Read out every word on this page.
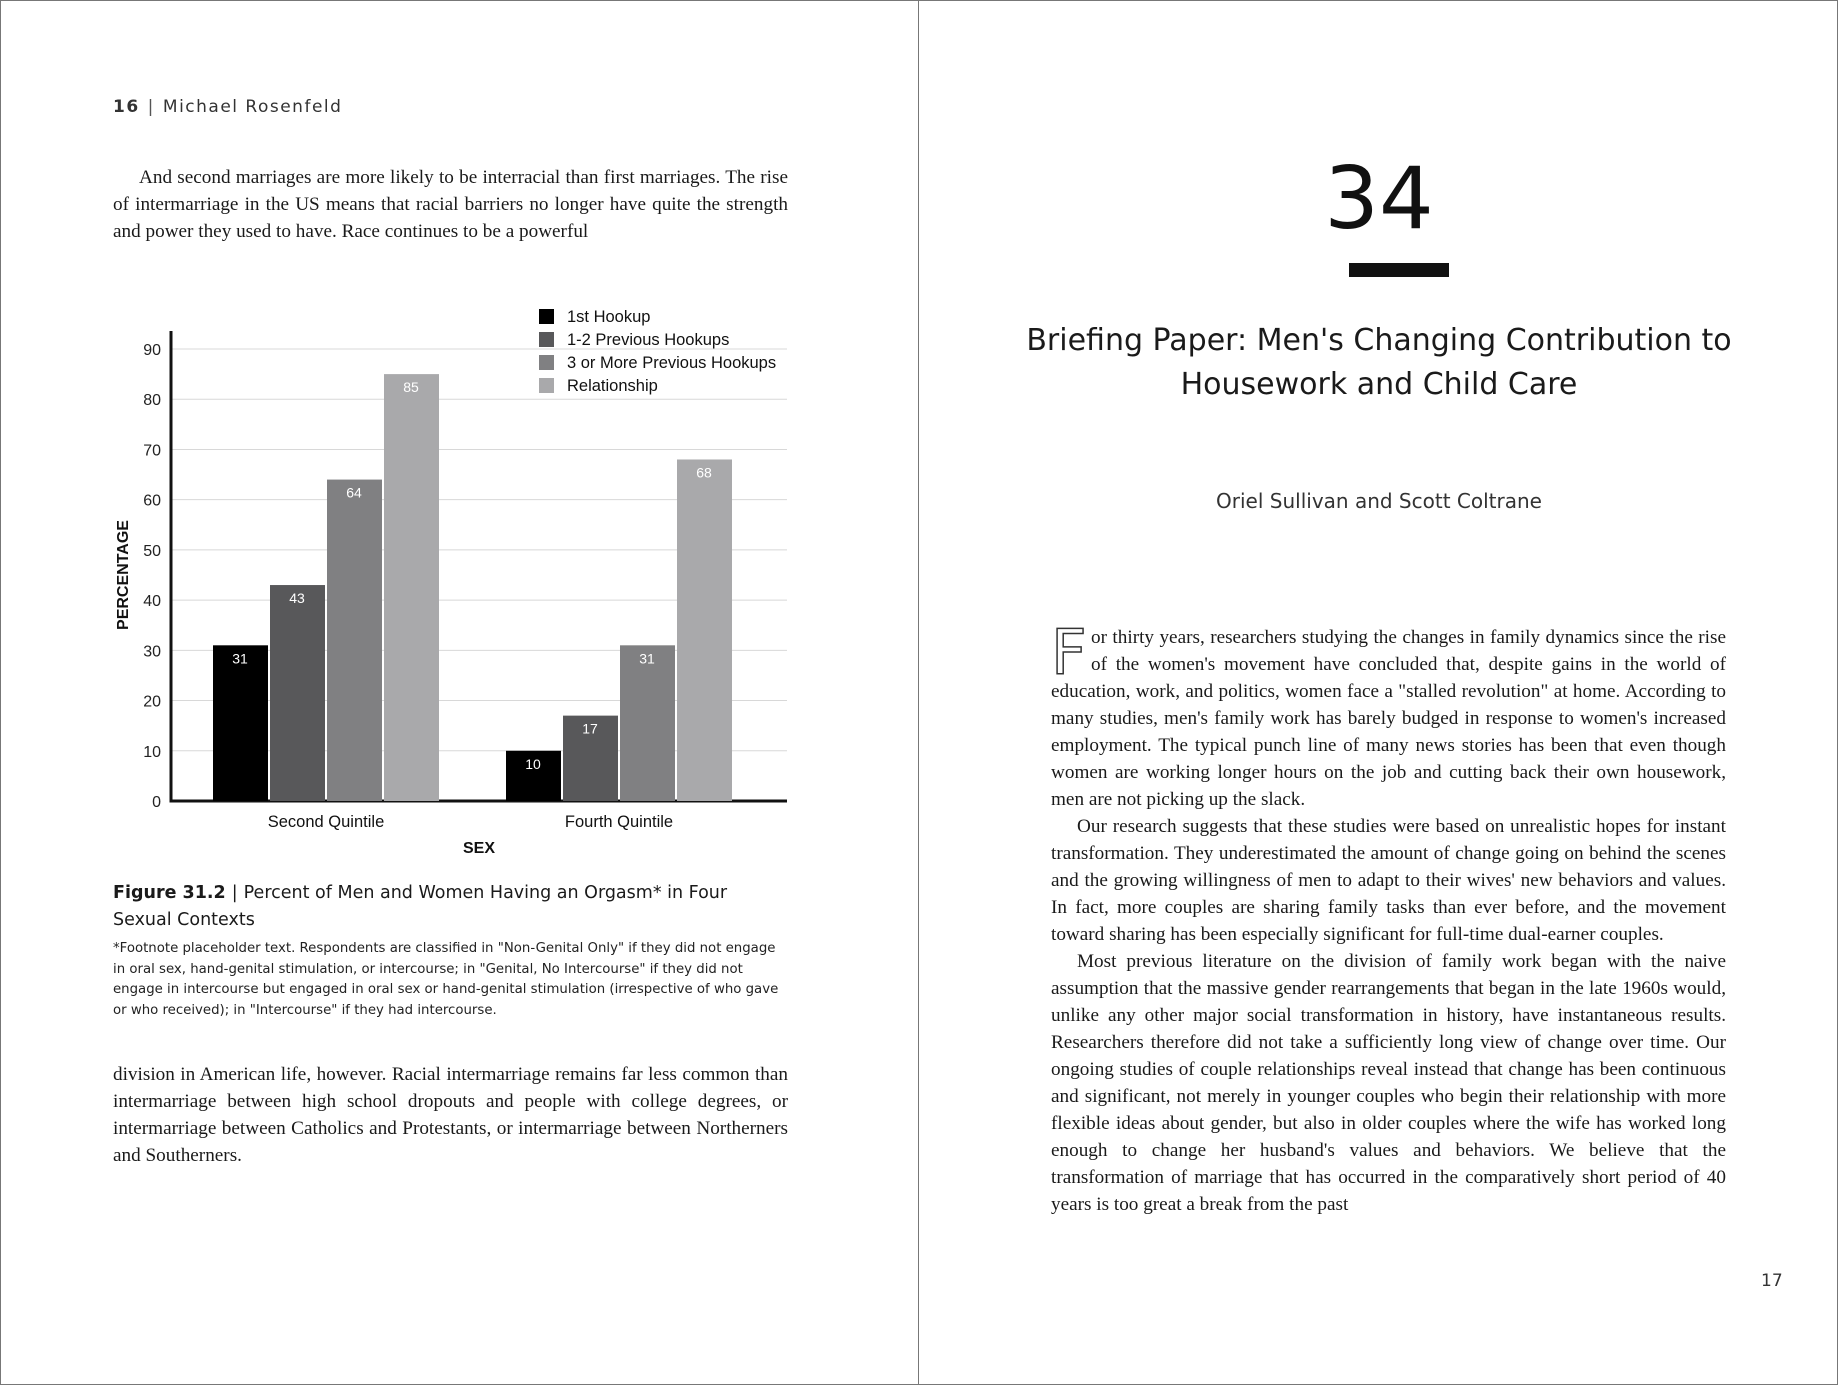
16 | Michael Rosenfeld

And second marriages are more likely to be interracial than first marriages. The rise of intermarriage in the US means that racial barriers no longer have quite the strength and power they used to have. Race continues to be a powerful

0
10
20
30
40
50
60
70
80
90
31
43
64
85
Second Quintile
10
17
31
68
Fourth Quintile
SEX
PERCENTAGE
1st Hookup
1-2 Previous Hookups
3 or More Previous Hookups
Relationship
Figure 31.2 | Percent of Men and Women Having an Orgasm* in Four Sexual Contexts
*Footnote placeholder text. Respondents are classified in "Non-Genital Only" if they did not engage in oral sex, hand-genital stimulation, or intercourse; in "Genital, No Intercourse" if they did not engage in intercourse but engaged in oral sex or hand-genital stimulation (irrespective of who gave or who received); in "Intercourse" if they had intercourse.

division in American life, however. Racial intermarriage remains far less common than intermarriage between high school dropouts and people with college degrees, or intermarriage between Catholics and Protestants, or intermarriage between Northerners and Southerners.

34
Briefing Paper: Men's Changing Contribution to Housework and Child Care
Oriel Sullivan and Scott Coltrane

For thirty years, researchers studying the changes in family dynamics since the rise of the women's movement have concluded that, despite gains in the world of education, work, and politics, women face a "stalled revolution" at home. According to many studies, men's family work has barely budged in response to women's increased employment. The typical punch line of many news stories has been that even though women are working longer hours on the job and cutting back their own housework, men are not picking up the slack.

Our research suggests that these studies were based on unrealistic hopes for instant transformation. They underestimated the amount of change going on behind the scenes and the growing willingness of men to adapt to their wives' new behaviors and values. In fact, more couples are sharing family tasks than ever before, and the movement toward sharing has been especially significant for full-time dual-earner couples.

Most previous literature on the division of family work began with the naive assumption that the massive gender rearrangements that began in the late 1960s would, unlike any other major social transformation in history, have instantaneous results. Researchers therefore did not take a sufficiently long view of change over time. Our ongoing studies of couple relationships reveal instead that change has been continuous and significant, not merely in younger couples who begin their relationship with more flexible ideas about gender, but also in older couples where the wife has worked long enough to change her husband's values and behaviors. We believe that the transformation of marriage that has occurred in the comparatively short period of 40 years is too great a break from the past

17
